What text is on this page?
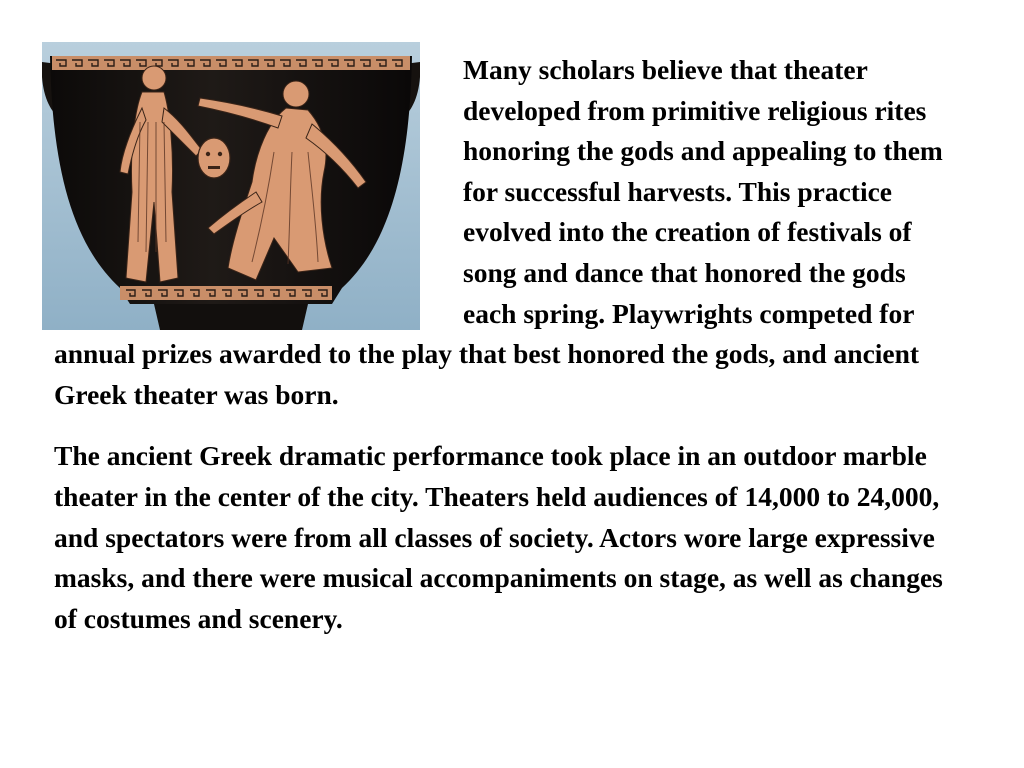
Many scholars believe that theater developed from primitive religious rites honoring the gods and appealing to them for successful harvests. This practice evolved into the creation of festivals of song and dance that honored the gods each spring. Playwrights competed for annual prizes awarded to the play that best honored the gods, and ancient Greek theater was born.

The ancient Greek dramatic performance took place in an outdoor marble theater in the center of the city. Theaters held audiences of 14,000 to 24,000, and spectators were from all classes of society. Actors wore large expressive masks, and there were musical accompaniments on stage, as well as changes of costumes and scenery.
